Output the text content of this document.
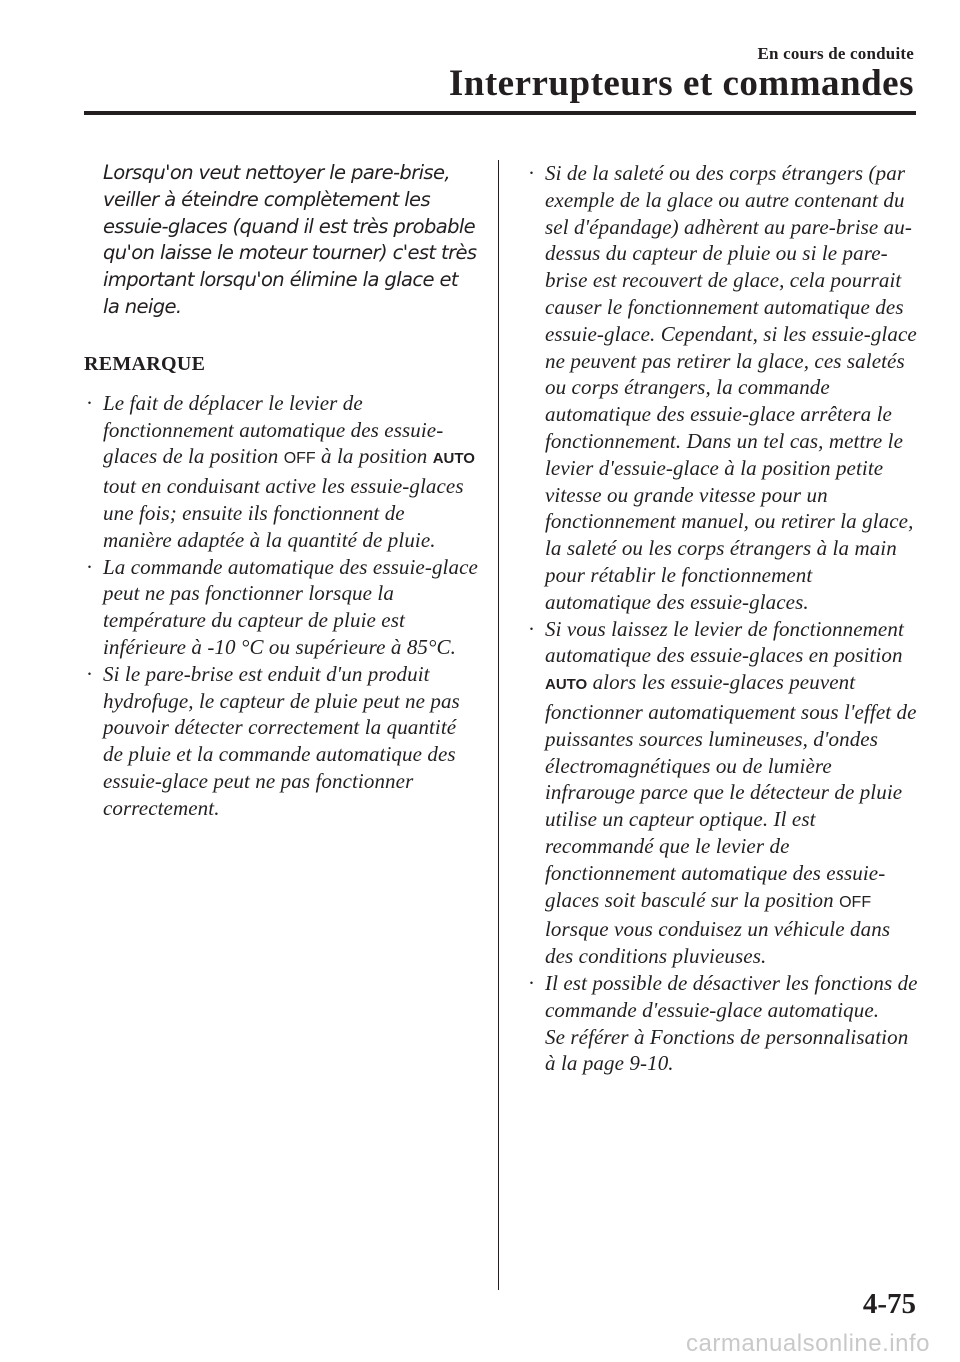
En cours de conduite

Interrupteurs et commandes

Lorsqu'on veut nettoyer le pare-brise, veiller à éteindre complètement les essuie-glaces (quand il est très probable qu'on laisse le moteur tourner) c'est très important lorsqu'on élimine la glace et la neige.

REMARQUE
· Le fait de déplacer le levier de fonctionnement automatique des essuie-glaces de la position OFF à la position AUTO tout en conduisant active les essuie-glaces une fois; ensuite ils fonctionnent de manière adaptée à la quantité de pluie.
· La commande automatique des essuie-glace peut ne pas fonctionner lorsque la température du capteur de pluie est inférieure à -10 °C ou supérieure à 85°C.
· Si le pare-brise est enduit d'un produit hydrofuge, le capteur de pluie peut ne pas pouvoir détecter correctement la quantité de pluie et la commande automatique des essuie-glace peut ne pas fonctionner correctement.
· Si de la saleté ou des corps étrangers (par exemple de la glace ou autre contenant du sel d'épandage) adhèrent au pare-brise au-dessus du capteur de pluie ou si le pare-brise est recouvert de glace, cela pourrait causer le fonctionnement automatique des essuie-glace. Cependant, si les essuie-glace ne peuvent pas retirer la glace, ces saletés ou corps étrangers, la commande automatique des essuie-glace arrêtera le fonctionnement. Dans un tel cas, mettre le levier d'essuie-glace à la position petite vitesse ou grande vitesse pour un fonctionnement manuel, ou retirer la glace, la saleté ou les corps étrangers à la main pour rétablir le fonctionnement automatique des essuie-glaces.
· Si vous laissez le levier de fonctionnement automatique des essuie-glaces en position AUTO alors les essuie-glaces peuvent fonctionner automatiquement sous l'effet de puissantes sources lumineuses, d'ondes électromagnétiques ou de lumière infrarouge parce que le détecteur de pluie utilise un capteur optique. Il est recommandé que le levier de fonctionnement automatique des essuie-glaces soit basculé sur la position OFF lorsque vous conduisez un véhicule dans des conditions pluvieuses.
· Il est possible de désactiver les fonctions de commande d'essuie-glace automatique.
Se référer à Fonctions de personnalisation à la page 9-10.

4-75

carmanualsonline.info
